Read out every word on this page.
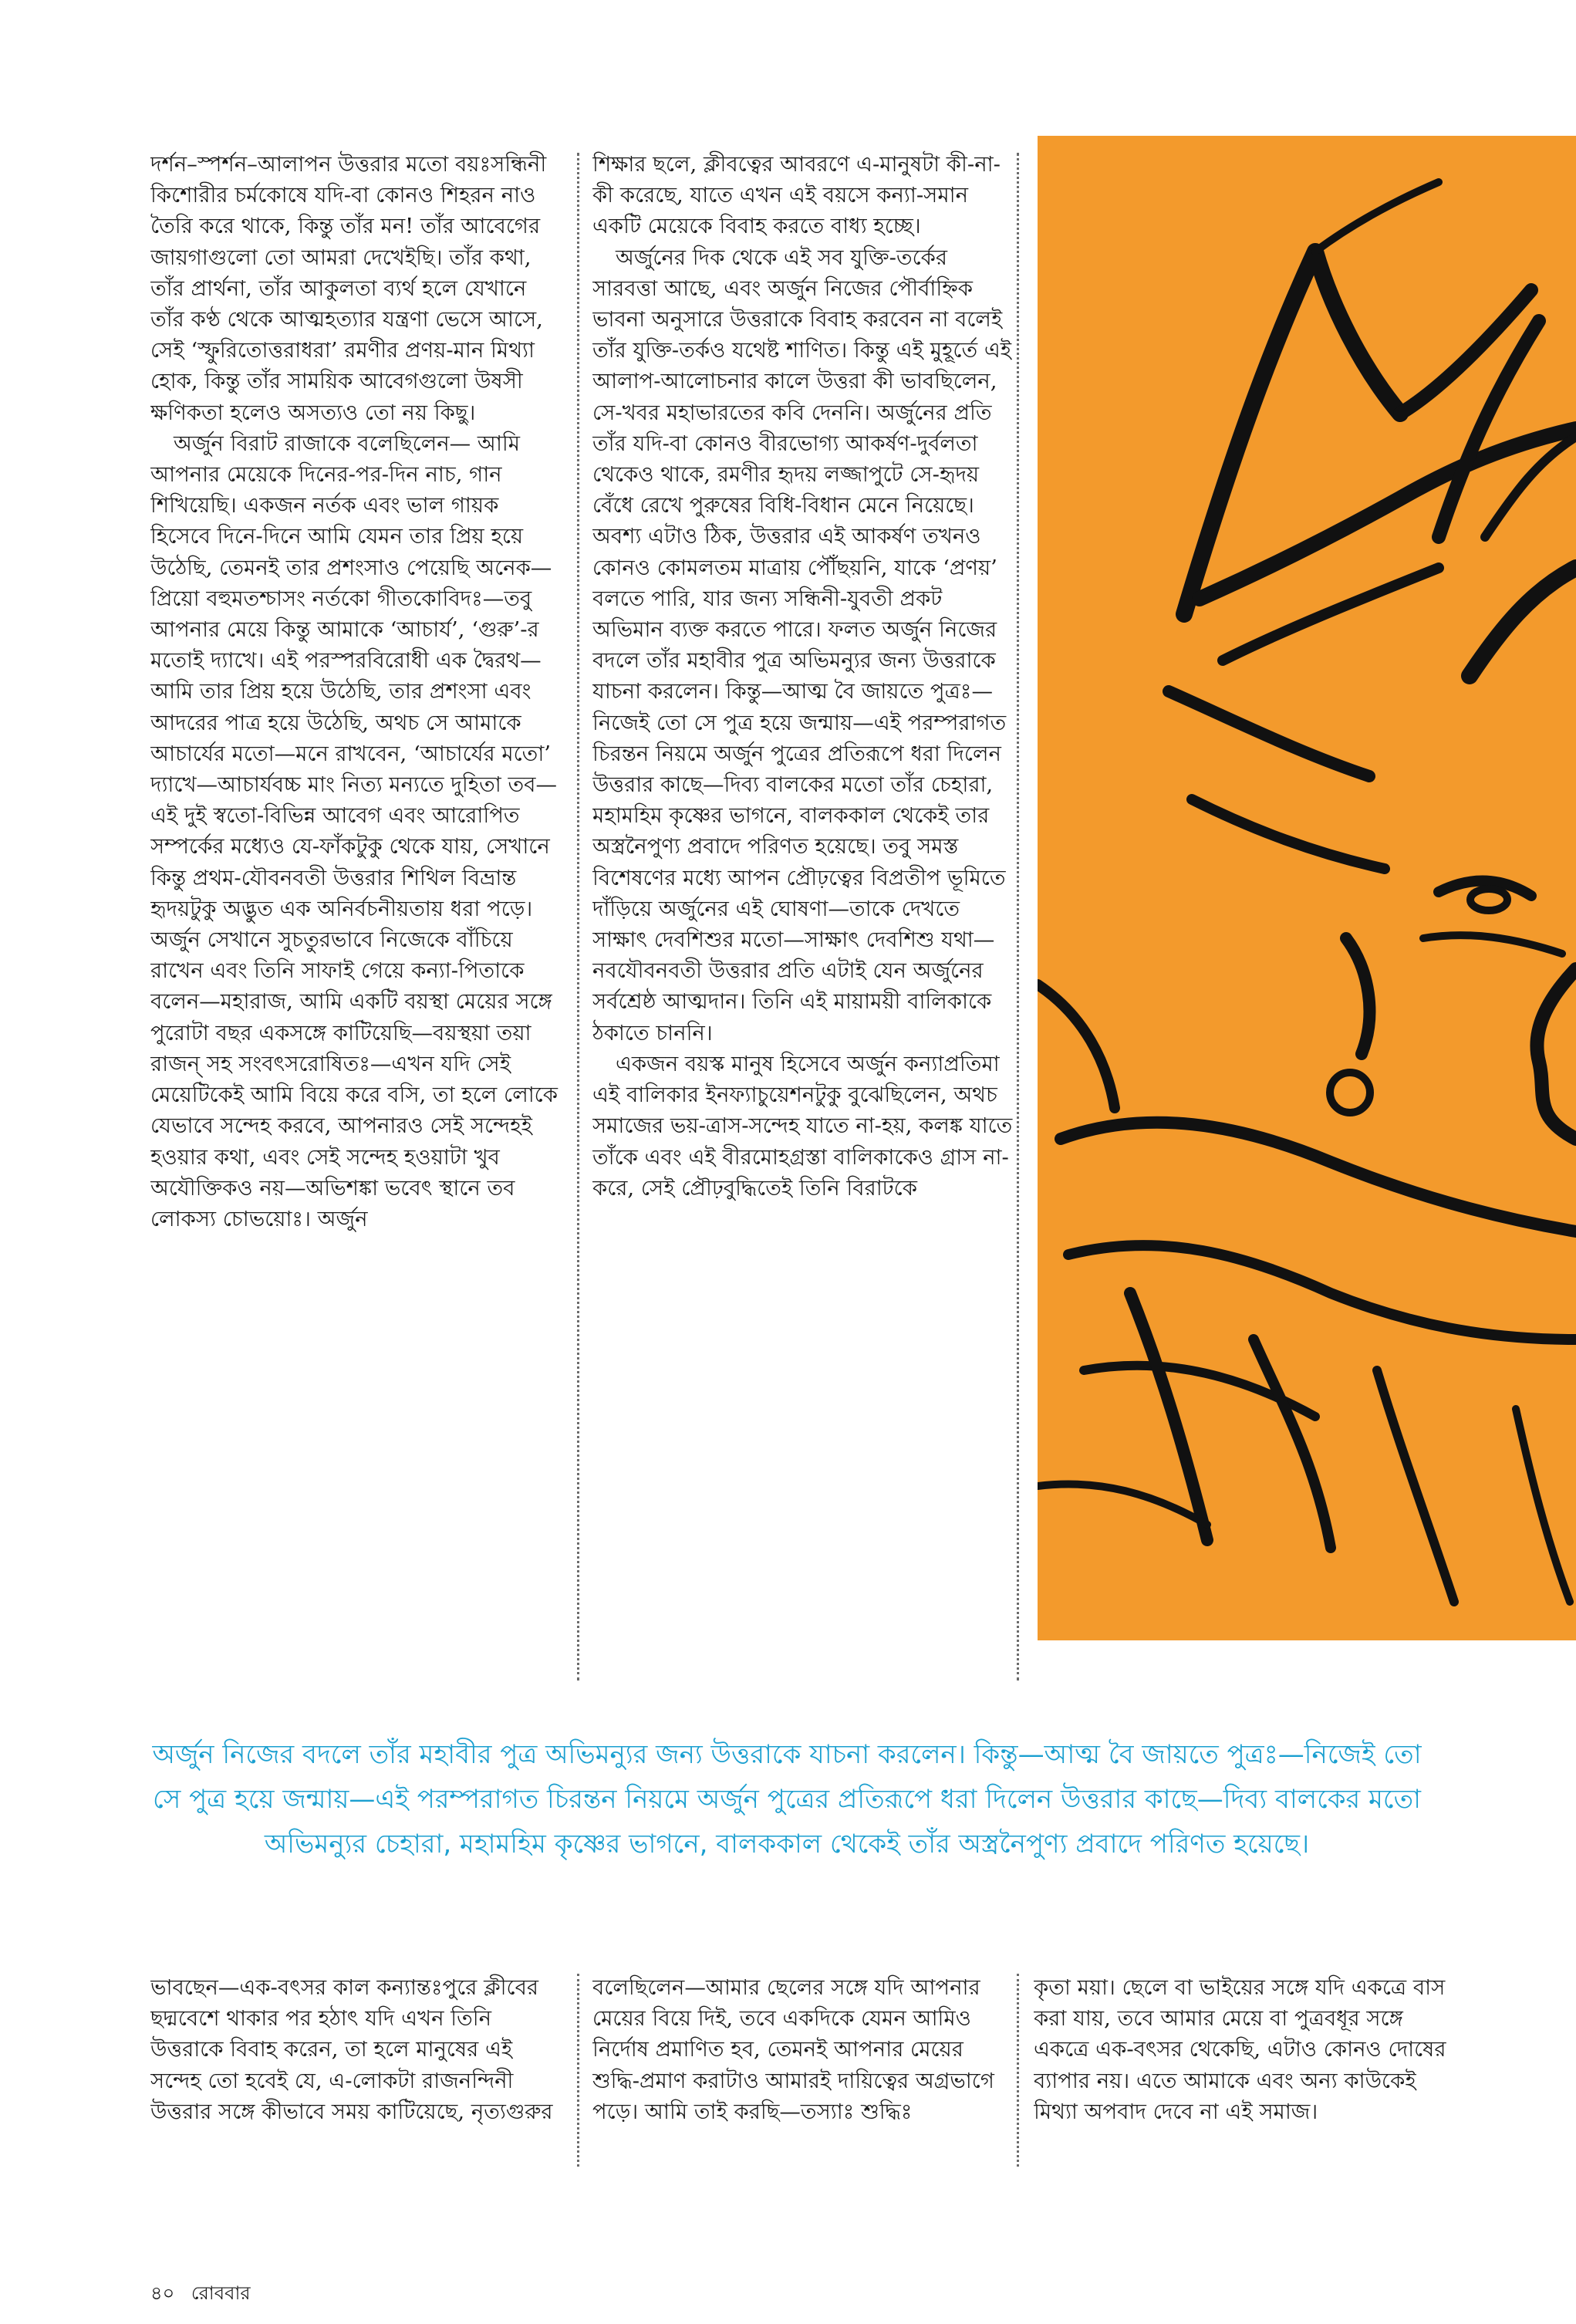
দর্শন–স্পর্শন–আলাপন উত্তরার মতো বয়ঃসন্ধিনী কিশোরীর চর্মকোষে যদি-বা কোনও শিহরন নাও তৈরি করে থাকে, কিন্তু তাঁর মন! তাঁর আবেগের জায়গাগুলো তো আমরা দেখেইছি। তাঁর কথা, তাঁর প্রার্থনা, তাঁর আকুলতা ব্যর্থ হলে যেখানে তাঁর কণ্ঠ থেকে আত্মহত্যার যন্ত্রণা ভেসে আসে, সেই ‘স্ফুরিতোত্তরাধরা’ রমণীর প্রণয়-মান মিথ্যা হোক, কিন্তু তাঁর সাময়িক আবেগগুলো উষসী ক্ষণিকতা হলেও অসত্যও তো নয় কিছু।

অর্জুন বিরাট রাজাকে বলেছিলেন— আমি আপনার মেয়েকে দিনের-পর-দিন নাচ, গান শিখিয়েছি। একজন নর্তক এবং ভাল গায়ক হিসেবে দিনে-দিনে আমি যেমন তার প্রিয় হয়ে উঠেছি, তেমনই তার প্রশংসাও পেয়েছি অনেক—প্রিয়ো বহুমতশ্চাসং নর্তকো গীতকোবিদঃ—তবু আপনার মেয়ে কিন্তু আমাকে ‘আচার্য’, ‘গুরু’-র মতোই দ্যাখে। এই পরস্পরবিরোধী এক দ্বৈরথ—আমি তার প্রিয় হয়ে উঠেছি, তার প্রশংসা এবং আদরের পাত্র হয়ে উঠেছি, অথচ সে আমাকে আচার্যের মতো—মনে রাখবেন, ‘আচার্যের মতো’ দ্যাখে—আচার্যবচ্চ মাং নিত্য মন্যতে দুহিতা তব—এই দুই স্বতো-বিভিন্ন আবেগ এবং আরোপিত সম্পর্কের মধ্যেও যে-ফাঁকটুকু থেকে যায়, সেখানে কিন্তু প্রথম-যৌবনবতী উত্তরার শিথিল বিভ্রান্ত হৃদয়টুকু অদ্ভুত এক অনির্বচনীয়তায় ধরা পড়ে। অর্জুন সেখানে সুচতুরভাবে নিজেকে বাঁচিয়ে রাখেন এবং তিনি সাফাই গেয়ে কন্যা-পিতাকে বলেন—মহারাজ, আমি একটি বয়স্থা মেয়ের সঙ্গে পুরোটা বছর একসঙ্গে কাটিয়েছি—বয়স্থয়া তয়া রাজন্ সহ সংবৎসরোষিতঃ—এখন যদি সেই মেয়েটিকেই আমি বিয়ে করে বসি, তা হলে লোকে যেভাবে সন্দেহ করবে, আপনারও সেই সন্দেহই হওয়ার কথা, এবং সেই সন্দেহ হওয়াটা খুব অযৌক্তিকও নয়—অভিশঙ্কা ভবেৎ স্থানে তব লোকস্য চোভয়োঃ। অর্জুন

শিক্ষার ছলে, ক্লীবত্বের আবরণে এ-মানুষটা কী-না-কী করেছে, যাতে এখন এই বয়সে কন্যা-সমান একটি মেয়েকে বিবাহ করতে বাধ্য হচ্ছে।

অর্জুনের দিক থেকে এই সব যুক্তি-তর্কের সারবত্তা আছে, এবং অর্জুন নিজের পৌর্বাহ্নিক ভাবনা অনুসারে উত্তরাকে বিবাহ করবেন না বলেই তাঁর যুক্তি-তর্কও যথেষ্ট শাণিত। কিন্তু এই মুহূর্তে এই আলাপ-আলোচনার কালে উত্তরা কী ভাবছিলেন, সে-খবর মহাভারতের কবি দেননি। অর্জুনের প্রতি তাঁর যদি-বা কোনও বীরভোগ্য আকর্ষণ-দুর্বলতা থেকেও থাকে, রমণীর হৃদয় লজ্জাপুটে সে-হৃদয় বেঁধে রেখে পুরুষের বিধি-বিধান মেনে নিয়েছে। অবশ্য এটাও ঠিক, উত্তরার এই আকর্ষণ তখনও কোনও কোমলতম মাত্রায় পৌঁছয়নি, যাকে ‘প্রণয়’ বলতে পারি, যার জন্য সন্ধিনী-যুবতী প্রকট অভিমান ব্যক্ত করতে পারে। ফলত অর্জুন নিজের বদলে তাঁর মহাবীর পুত্র অভিমন্যুর জন্য উত্তরাকে যাচনা করলেন। কিন্তু—আত্ম বৈ জায়তে পুত্রঃ—নিজেই তো সে পুত্র হয়ে জন্মায়—এই পরম্পরাগত চিরন্তন নিয়মে অর্জুন পুত্রের প্রতিরূপে ধরা দিলেন উত্তরার কাছে—দিব্য বালকের মতো তাঁর চেহারা, মহামহিম কৃষ্ণের ভাগনে, বালককাল থেকেই তার অস্ত্রনৈপুণ্য প্রবাদে পরিণত হয়েছে। তবু সমস্ত বিশেষণের মধ্যে আপন প্রৌঢ়ত্বের বিপ্রতীপ ভূমিতে দাঁড়িয়ে অর্জুনের এই ঘোষণা—তাকে দেখতে সাক্ষাৎ দেবশিশুর মতো—সাক্ষাৎ দেবশিশু যথা—নবযৌবনবতী উত্তরার প্রতি এটাই যেন অর্জুনের সর্বশ্রেষ্ঠ আত্মদান। তিনি এই মায়াময়ী বালিকাকে ঠকাতে চাননি।

একজন বয়স্ক মানুষ হিসেবে অর্জুন কন্যাপ্রতিমা এই বালিকার ইনফ্যাচুয়েশনটুকু বুঝেছিলেন, অথচ সমাজের ভয়-ত্রাস-সন্দেহ যাতে না-হয়, কলঙ্ক যাতে তাঁকে এবং এই বীরমোহগ্রস্তা বালিকাকেও গ্রাস না-করে, সেই প্রৌঢ়বুদ্ধিতেই তিনি বিরাটকে

অর্জুন নিজের বদলে তাঁর মহাবীর পুত্র অভিমন্যুর জন্য উত্তরাকে যাচনা করলেন। কিন্তু—আত্ম বৈ জায়তে পুত্রঃ—নিজেই তো সে পুত্র হয়ে জন্মায়—এই পরম্পরাগত চিরন্তন নিয়মে অর্জুন পুত্রের প্রতিরূপে ধরা দিলেন উত্তরার কাছে—দিব্য বালকের মতো অভিমন্যুর চেহারা, মহামহিম কৃষ্ণের ভাগনে, বালককাল থেকেই তাঁর অস্ত্রনৈপুণ্য প্রবাদে পরিণত হয়েছে।
ভাবছেন—এক-বৎসর কাল কন্যান্তঃপুরে ক্লীবের ছদ্মবেশে থাকার পর হঠাৎ যদি এখন তিনি উত্তরাকে বিবাহ করেন, তা হলে মানুষের এই সন্দেহ তো হবেই যে, এ-লোকটা রাজনন্দিনী উত্তরার সঙ্গে কীভাবে সময় কাটিয়েছে, নৃত্যগুরুর
বলেছিলেন—আমার ছেলের সঙ্গে যদি আপনার মেয়ের বিয়ে দিই, তবে একদিকে যেমন আমিও নির্দোষ প্রমাণিত হব, তেমনই আপনার মেয়ের শুদ্ধি-প্রমাণ করাটাও আমারই দায়িত্বের অগ্রভাগে পড়ে। আমি তাই করছি—তস্যাঃ শুদ্ধিঃ
কৃতা ময়া। ছেলে বা ভাইয়ের সঙ্গে যদি একত্রে বাস করা যায়, তবে আমার মেয়ে বা পুত্রবধূর সঙ্গে একত্রে এক-বৎসর থেকেছি, এটাও কোনও দোষের ব্যাপার নয়। এতে আমাকে এবং অন্য কাউকেই মিথ্যা অপবাদ দেবে না এই সমাজ।
৪০ রোববার
